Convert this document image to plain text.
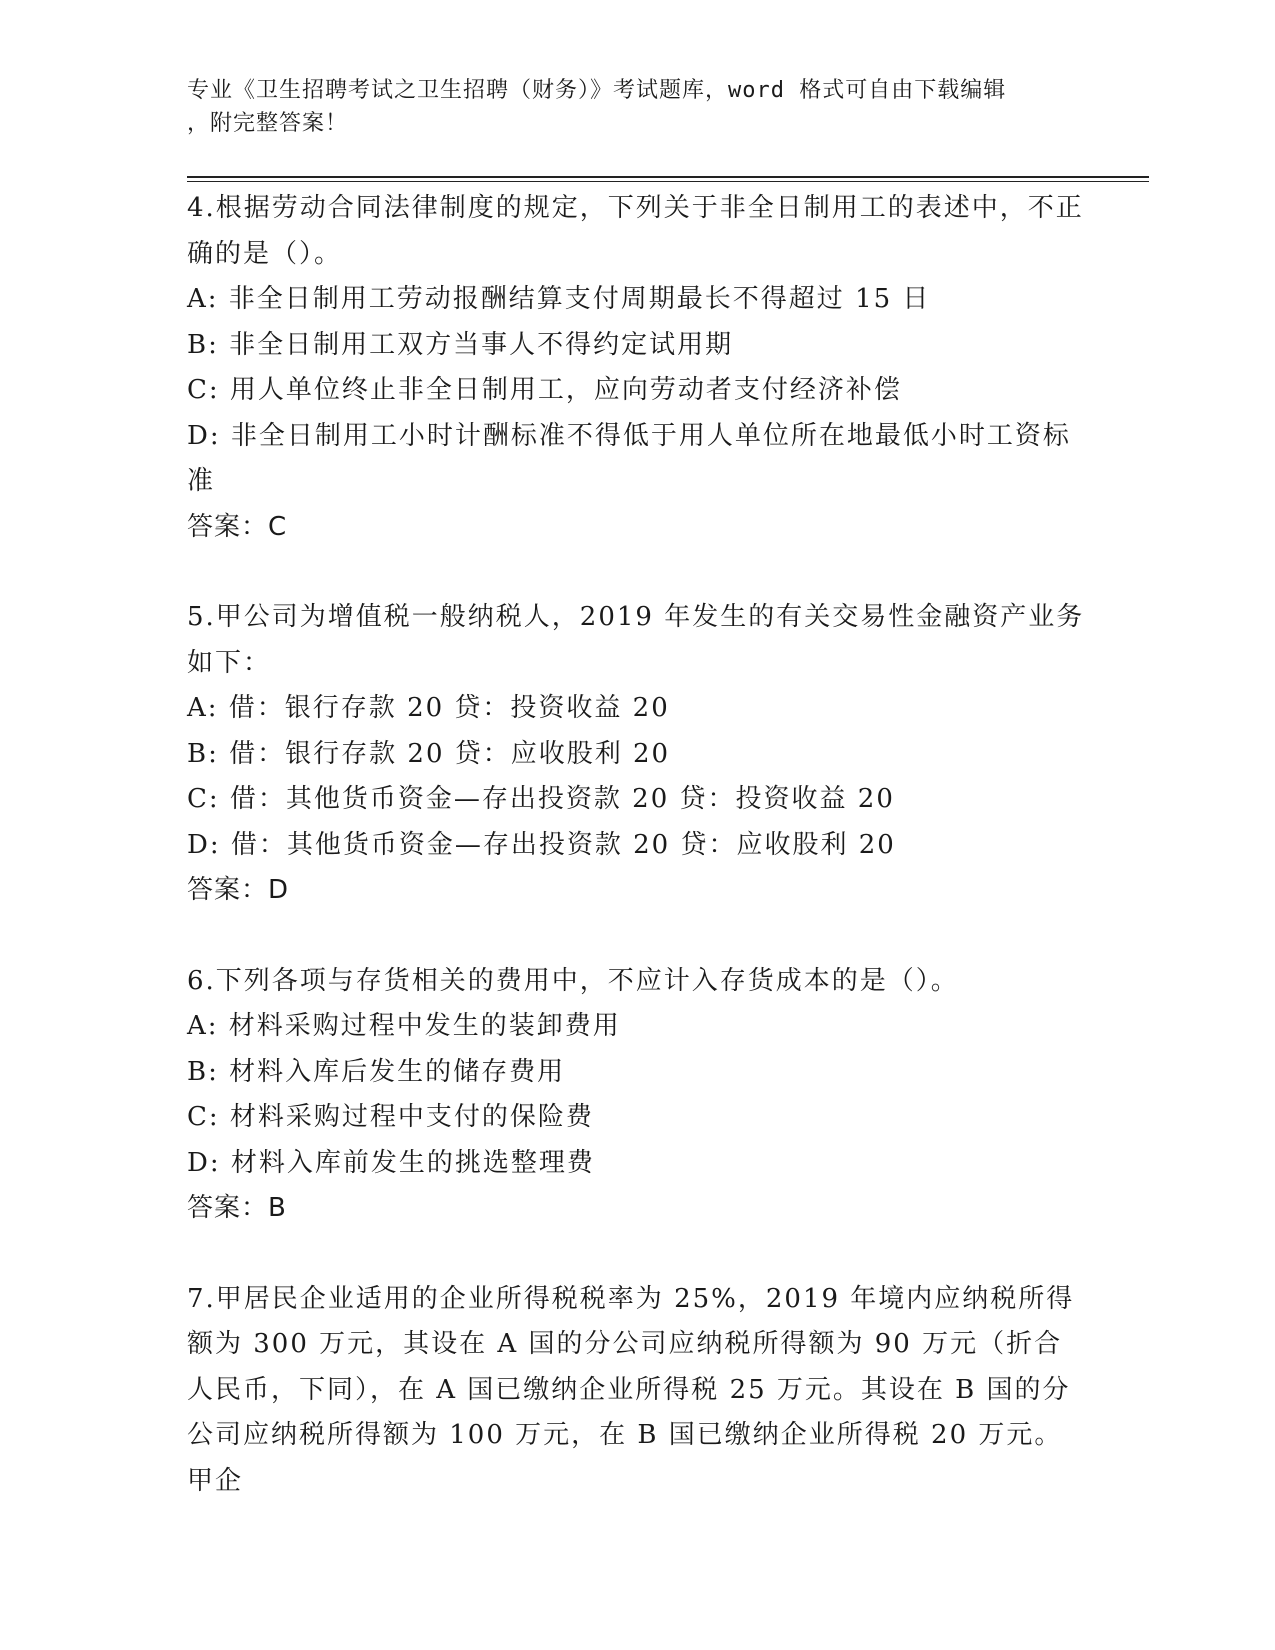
专业《卫生招聘考试之卫生招聘（财务）》考试题库，word 格式可自由下载编辑
，附完整答案！

4.根据劳动合同法律制度的规定，下列关于非全日制用工的表述中，不正确的是（）。

A: 非全日制用工劳动报酬结算支付周期最长不得超过 15 日

B: 非全日制用工双方当事人不得约定试用期

C: 用人单位终止非全日制用工，应向劳动者支付经济补偿

D: 非全日制用工小时计酬标准不得低于用人单位所在地最低小时工资标准

答案：C

5.甲公司为增值税一般纳税人，2019 年发生的有关交易性金融资产业务如下：

A: 借：银行存款 20 贷：投资收益 20

B: 借：银行存款 20 贷：应收股利 20

C: 借：其他货币资金—存出投资款 20 贷：投资收益 20

D: 借：其他货币资金—存出投资款 20 贷：应收股利 20

答案：D

6.下列各项与存货相关的费用中，不应计入存货成本的是（）。

A: 材料采购过程中发生的装卸费用

B: 材料入库后发生的储存费用

C: 材料采购过程中支付的保险费

D: 材料入库前发生的挑选整理费

答案：B

7.甲居民企业适用的企业所得税税率为 25%，2019 年境内应纳税所得额为 300 万元，其设在 A 国的分公司应纳税所得额为 90 万元（折合人民币，下同），在 A 国已缴纳企业所得税 25 万元。其设在 B 国的分公司应纳税所得额为 100 万元，在 B 国已缴纳企业所得税 20 万元。甲企
